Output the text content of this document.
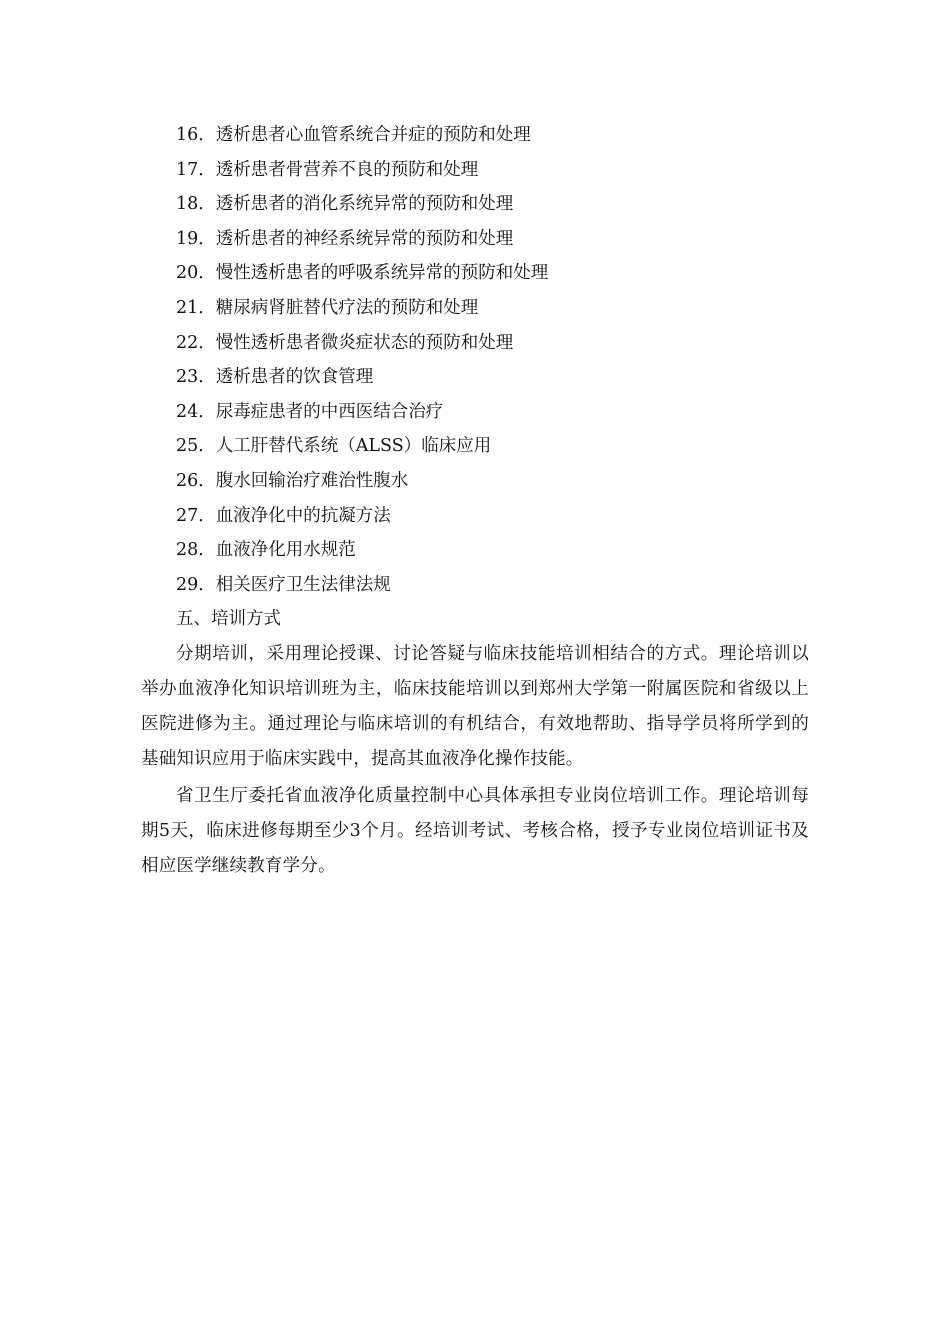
16．透析患者心血管系统合并症的预防和处理
17．透析患者骨营养不良的预防和处理
18．透析患者的消化系统异常的预防和处理
19．透析患者的神经系统异常的预防和处理
20．慢性透析患者的呼吸系统异常的预防和处理
21．糖尿病肾脏替代疗法的预防和处理
22．慢性透析患者微炎症状态的预防和处理
23．透析患者的饮食管理
24．尿毒症患者的中西医结合治疗
25．人工肝替代系统（ALSS）临床应用
26．腹水回输治疗难治性腹水
27．血液净化中的抗凝方法
28．血液净化用水规范
29．相关医疗卫生法律法规
五、培训方式

分期培训，采用理论授课、讨论答疑与临床技能培训相结合的方式。理论培训以举办血液净化知识培训班为主，临床技能培训以到郑州大学第一附属医院和省级以上医院进修为主。通过理论与临床培训的有机结合，有效地帮助、指导学员将所学到的基础知识应用于临床实践中，提高其血液净化操作技能。

省卫生厅委托省血液净化质量控制中心具体承担专业岗位培训工作。理论培训每期5天，临床进修每期至少3个月。经培训考试、考核合格，授予专业岗位培训证书及相应医学继续教育学分。
